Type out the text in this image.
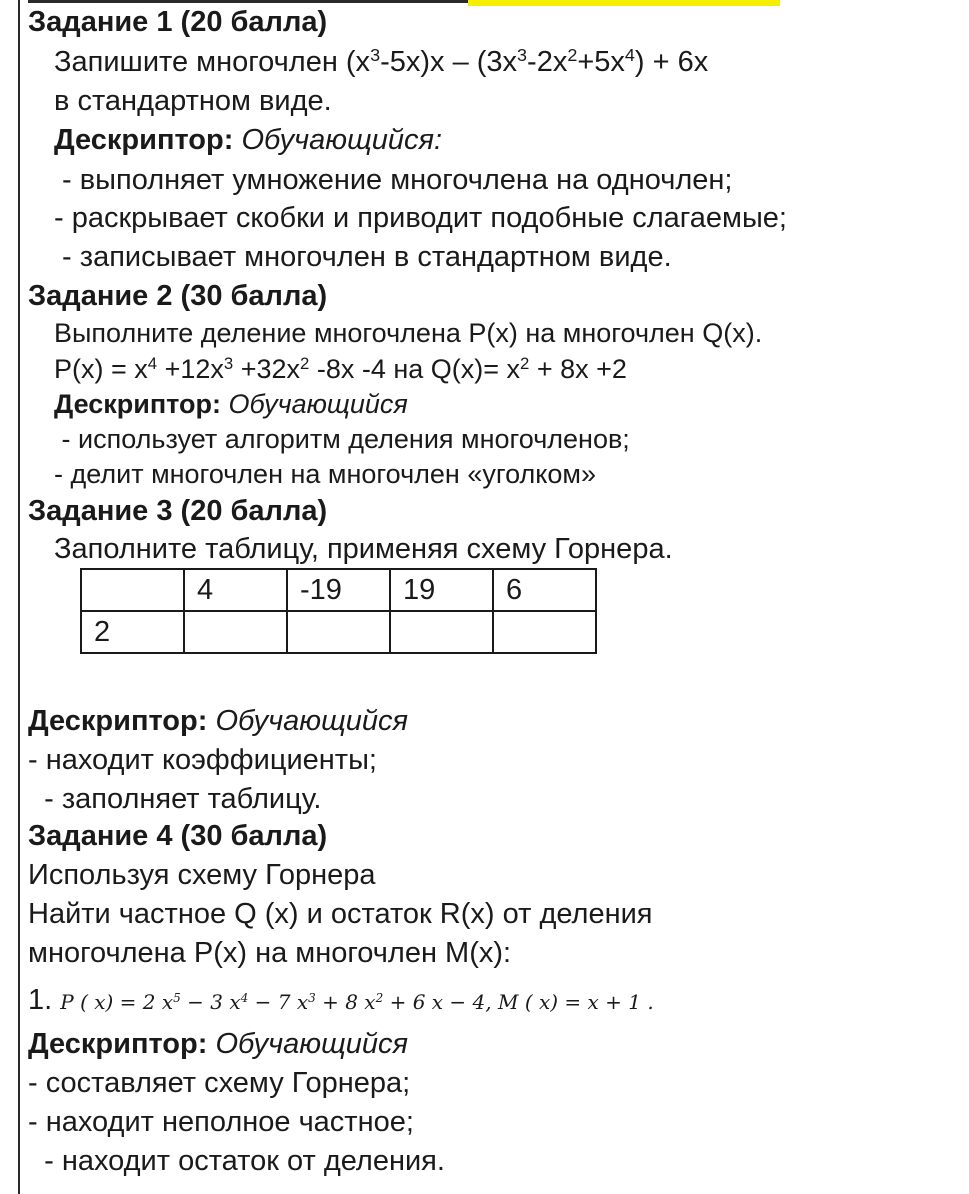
Задание 1 (20 балла)
Запишите многочлен $(x^3-5x)x - (3x^3-2x^2+5x^4) + 6x$
в стандартном виде.
Дескриптор: Обучающийся:
- выполняет умножение многочлена на одночлен;
- раскрывает скобки и приводит подобные слагаемые;
- записывает многочлен в стандартном виде.
Задание 2 (30 балла)
Выполните деление многочлена P(x) на многочлен Q(x).
$P(x) = x^4 +12x^3 +32x^2$ -8x -4 на $Q(x)= x^2 + 8x +2$
Дескриптор: Обучающийся
- использует алгоритм деления многочленов;
- делит многочлен на многочлен «уголком»
Задание 3 (20 балла)
Заполните таблицу, применяя схему Горнера.
	4	-19	19	6
2				
Дескриптор: Обучающийся
- находит коэффициенты;
- заполняет таблицу.
Задание 4 (30 балла)
Используя схему Горнера
Найти частное Q (x) и остаток R(x) от деления
многочлена P(x) на многочлен M(x):
1. P ( x) = 2 $x^5 - 3$ $x^4 - 7$ $x^3 + 8$ $x^2 + 6$ x − 4, M ( x) = x + 1 .
Дескриптор: Обучающийся
- составляет схему Горнера;
- находит неполное частное;
- находит остаток от деления.
